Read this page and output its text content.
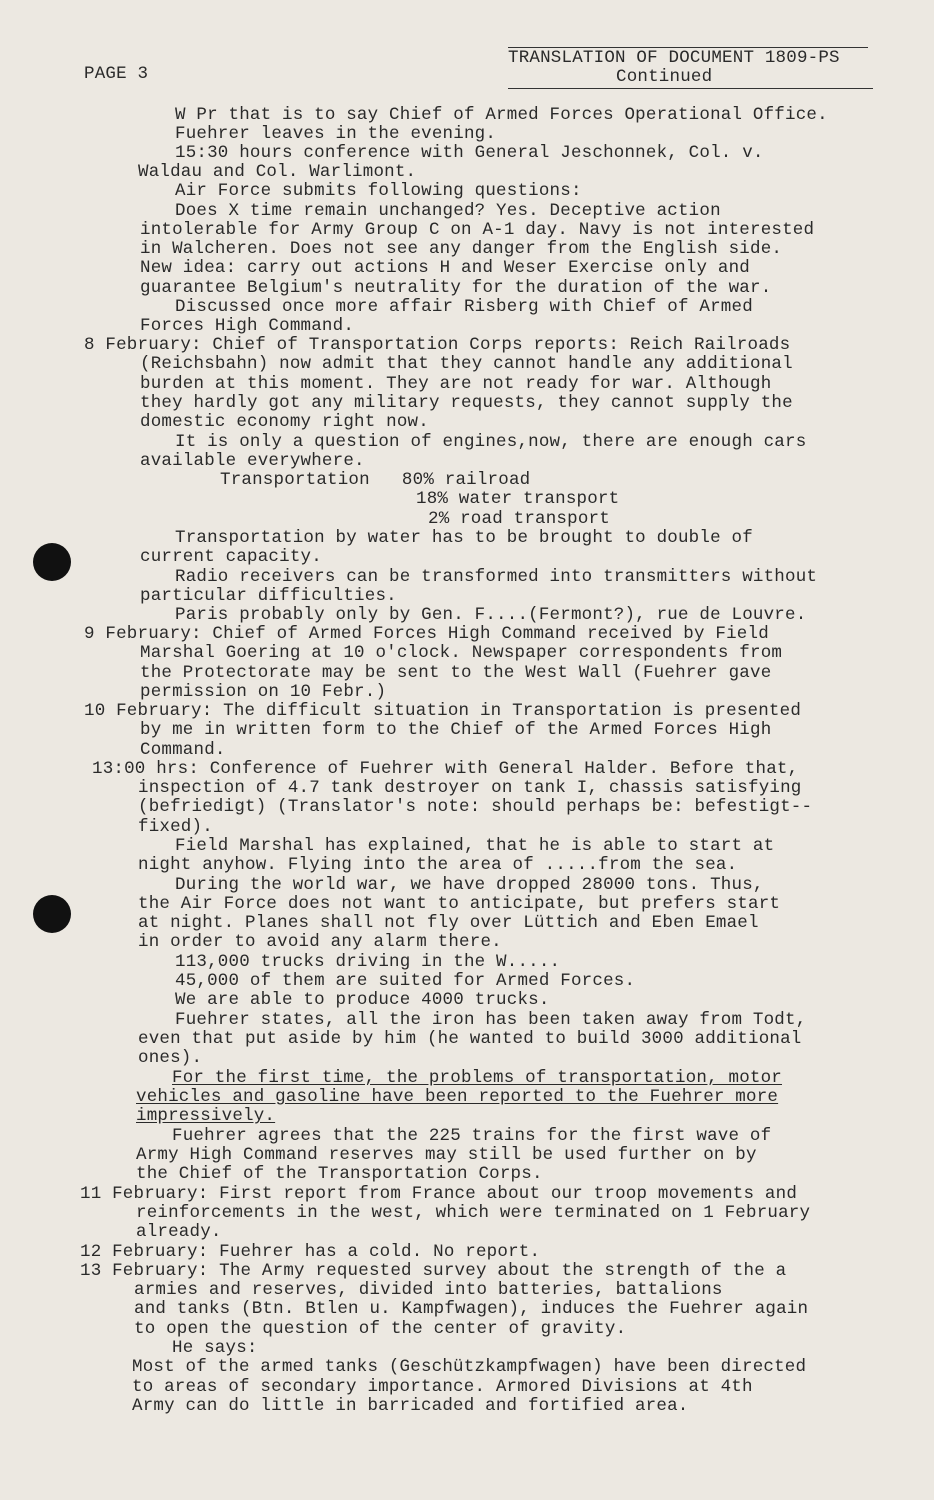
PAGE 3
TRANSLATION OF DOCUMENT 1809-PS
Continued
W Pr that is to say Chief of Armed Forces Operational Office.
Fuehrer leaves in the evening.
15:30 hours conference with General Jeschonnek, Col. v.
Waldau and Col. Warlimont.
Air Force submits following questions:
Does X time remain unchanged? Yes. Deceptive action
intolerable for Army Group C on A-1 day. Navy is not interested
in Walcheren. Does not see any danger from the English side.
New idea: carry out actions H and Weser Exercise only and
guarantee Belgium's neutrality for the duration of the war.
Discussed once more affair Risberg with Chief of Armed
Forces High Command.
8 February: Chief of Transportation Corps reports: Reich Railroads
(Reichsbahn) now admit that they cannot handle any additional
burden at this moment. They are not ready for war. Although
they hardly got any military requests, they cannot supply the
domestic economy right now.
It is only a question of engines,now, there are enough cars
available everywhere.
Transportation   80% railroad
18% water transport
2% road transport
Transportation by water has to be brought to double of
current capacity.
Radio receivers can be transformed into transmitters without
particular difficulties.
Paris probably only by Gen. F....(Fermont?), rue de Louvre.
9 February: Chief of Armed Forces High Command received by Field
Marshal Goering at 10 o'clock. Newspaper correspondents from
the Protectorate may be sent to the West Wall (Fuehrer gave
permission on 10 Febr.)
10 February: The difficult situation in Transportation is presented
by me in written form to the Chief of the Armed Forces High
Command.
13:00 hrs: Conference of Fuehrer with General Halder. Before that,
inspection of 4.7 tank destroyer on tank I, chassis satisfying
(befriedigt) (Translator's note: should perhaps be: befestigt--
fixed).
Field Marshal has explained, that he is able to start at
night anyhow. Flying into the area of .....from the sea.
During the world war, we have dropped 28000 tons. Thus,
the Air Force does not want to anticipate, but prefers start
at night. Planes shall not fly over Lüttich and Eben Emael
in order to avoid any alarm there.
113,000 trucks driving in the W.....
45,000 of them are suited for Armed Forces.
We are able to produce 4000 trucks.
Fuehrer states, all the iron has been taken away from Todt,
even that put aside by him (he wanted to build 3000 additional
ones).
For the first time, the problems of transportation, motor
vehicles and gasoline have been reported to the Fuehrer more
impressively.
Fuehrer agrees that the 225 trains for the first wave of
Army High Command reserves may still be used further on by
the Chief of the Transportation Corps.
11 February: First report from France about our troop movements and
reinforcements in the west, which were terminated on 1 February
already.
12 February: Fuehrer has a cold. No report.
13 February: The Army requested survey about the strength of the a
armies and reserves, divided into batteries, battalions
and tanks (Btn. Btlen u. Kampfwagen), induces the Fuehrer again
to open the question of the center of gravity.
He says:
Most of the armed tanks (Geschützkampfwagen) have been directed
to areas of secondary importance. Armored Divisions at 4th
Army can do little in barricaded and fortified area.
